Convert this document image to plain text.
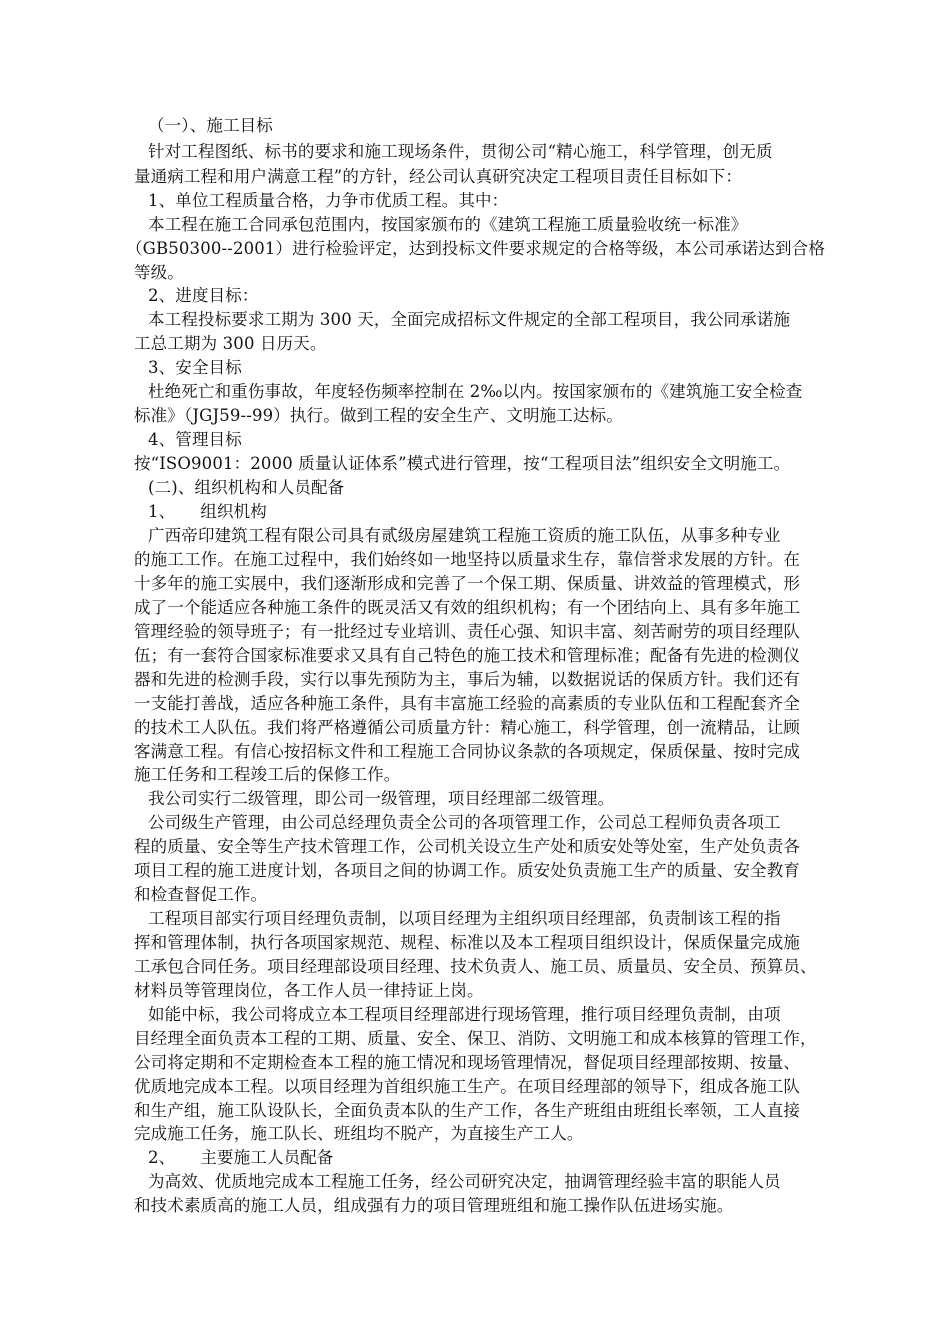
（一）、施工目标
针对工程图纸、标书的要求和施工现场条件，贯彻公司“精心施工，科学管理，创无质
量通病工程和用户满意工程”的方针，经公司认真研究决定工程项目责任目标如下：
1、单位工程质量合格，力争市优质工程。其中：
本工程在施工合同承包范围内，按国家颁布的《建筑工程施工质量验收统一标准》
（GB50300--2001）进行检验评定，达到投标文件要求规定的合格等级，本公司承诺达到合格
等级。
2、进度目标：
本工程投标要求工期为 300 天，全面完成招标文件规定的全部工程项目，我公同承诺施
工总工期为 300 日历天。
3、安全目标
杜绝死亡和重伤事故，年度轻伤频率控制在 2‰以内。按国家颁布的《建筑施工安全检查
标准》（JGJ59--99）执行。做到工程的安全生产、文明施工达标。
4、管理目标
按“ISO9001：2000 质量认证体系”模式进行管理，按“工程项目法”组织安全文明施工。
(二)、组织机构和人员配备
1、　　组织机构
广西帝印建筑工程有限公司具有贰级房屋建筑工程施工资质的施工队伍，从事多种专业
的施工工作。在施工过程中，我们始终如一地坚持以质量求生存，靠信誉求发展的方针。在
十多年的施工实展中，我们逐渐形成和完善了一个保工期、保质量、讲效益的管理模式，形
成了一个能适应各种施工条件的既灵活又有效的组织机构；有一个团结向上、具有多年施工
管理经验的领导班子；有一批经过专业培训、责任心强、知识丰富、刻苦耐劳的项目经理队
伍；有一套符合国家标准要求又具有自己特色的施工技术和管理标准；配备有先进的检测仪
器和先进的检测手段，实行以事先预防为主，事后为辅，以数据说话的保质方针。我们还有
一支能打善战，适应各种施工条件，具有丰富施工经验的高素质的专业队伍和工程配套齐全
的技术工人队伍。我们将严格遵循公司质量方针：精心施工，科学管理，创一流精品，让顾
客满意工程。有信心按招标文件和工程施工合同协议条款的各项规定，保质保量、按时完成
施工任务和工程竣工后的保修工作。
我公司实行二级管理，即公司一级管理，项目经理部二级管理。
公司级生产管理，由公司总经理负责全公司的各项管理工作，公司总工程师负责各项工
程的质量、安全等生产技术管理工作，公司机关设立生产处和质安处等处室，生产处负责各
项目工程的施工进度计划，各项目之间的协调工作。质安处负责施工生产的质量、安全教育
和检查督促工作。
工程项目部实行项目经理负责制，以项目经理为主组织项目经理部，负责制该工程的指
挥和管理体制，执行各项国家规范、规程、标准以及本工程项目组织设计，保质保量完成施
工承包合同任务。项目经理部设项目经理、技术负责人、施工员、质量员、安全员、预算员、
材料员等管理岗位，各工作人员一律持证上岗。
如能中标，我公司将成立本工程项目经理部进行现场管理，推行项目经理负责制，由项
目经理全面负责本工程的工期、质量、安全、保卫、消防、文明施工和成本核算的管理工作，
公司将定期和不定期检查本工程的施工情况和现场管理情况，督促项目经理部按期、按量、
优质地完成本工程。以项目经理为首组织施工生产。在项目经理部的领导下，组成各施工队
和生产组，施工队设队长，全面负责本队的生产工作，各生产班组由班组长率领，工人直接
完成施工任务，施工队长、班组均不脱产，为直接生产工人。
2、　　主要施工人员配备
为高效、优质地完成本工程施工任务，经公司研究决定，抽调管理经验丰富的职能人员
和技术素质高的施工人员，组成强有力的项目管理班组和施工操作队伍进场实施。
